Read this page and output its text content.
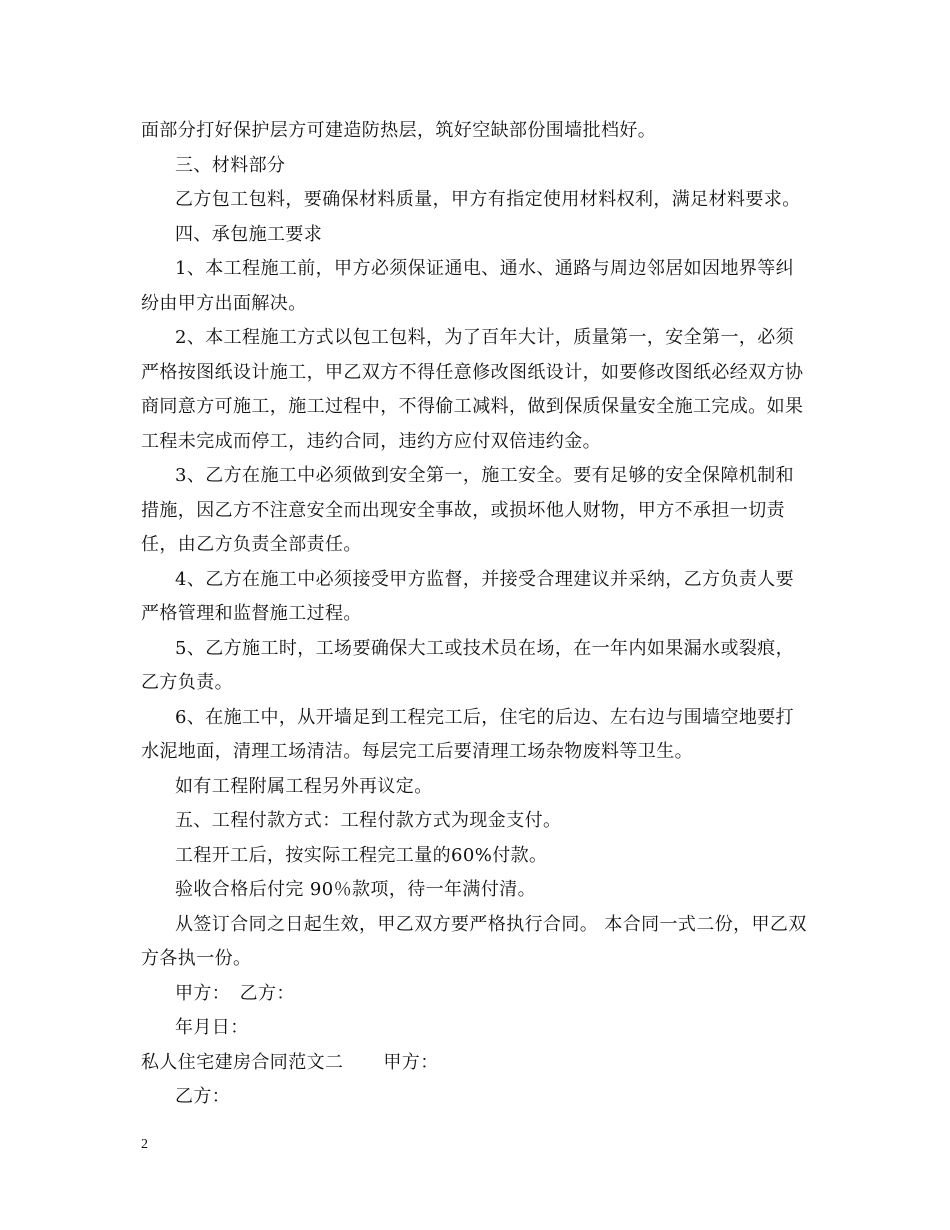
面部分打好保护层方可建造防热层，筑好空缺部份围墙批档好。

三、材料部分

乙方包工包料，要确保材料质量，甲方有指定使用材料权利，满足材料要求。

四、承包施工要求

1、本工程施工前，甲方必须保证通电、通水、通路与周边邻居如因地界等纠纷由甲方出面解决。

2、本工程施工方式以包工包料，为了百年大计，质量第一，安全第一，必须严格按图纸设计施工，甲乙双方不得任意修改图纸设计，如要修改图纸必经双方协商同意方可施工，施工过程中，不得偷工减料，做到保质保量安全施工完成。如果工程未完成而停工，违约合同，违约方应付双倍违约金。

3、乙方在施工中必须做到安全第一，施工安全。要有足够的安全保障机制和措施，因乙方不注意安全而出现安全事故，或损坏他人财物，甲方不承担一切责任，由乙方负责全部责任。

4、乙方在施工中必须接受甲方监督，并接受合理建议并采纳，乙方负责人要严格管理和监督施工过程。

5、乙方施工时，工场要确保大工或技术员在场，在一年内如果漏水或裂痕，乙方负责。

6、在施工中，从开墙足到工程完工后，住宅的后边、左右边与围墙空地要打水泥地面，清理工场清洁。每层完工后要清理工场杂物废料等卫生。

如有工程附属工程另外再议定。

五、工程付款方式：工程付款方式为现金支付。

工程开工后，按实际工程完工量的60%付款。

验收合格后付完 90％款项，待一年满付清。

从签订合同之日起生效，甲乙双方要严格执行合同。 本合同一式二份，甲乙双方各执一份。

甲方：　乙方：

年月日：

私人住宅建房合同范文二 甲方：

乙方：

2
